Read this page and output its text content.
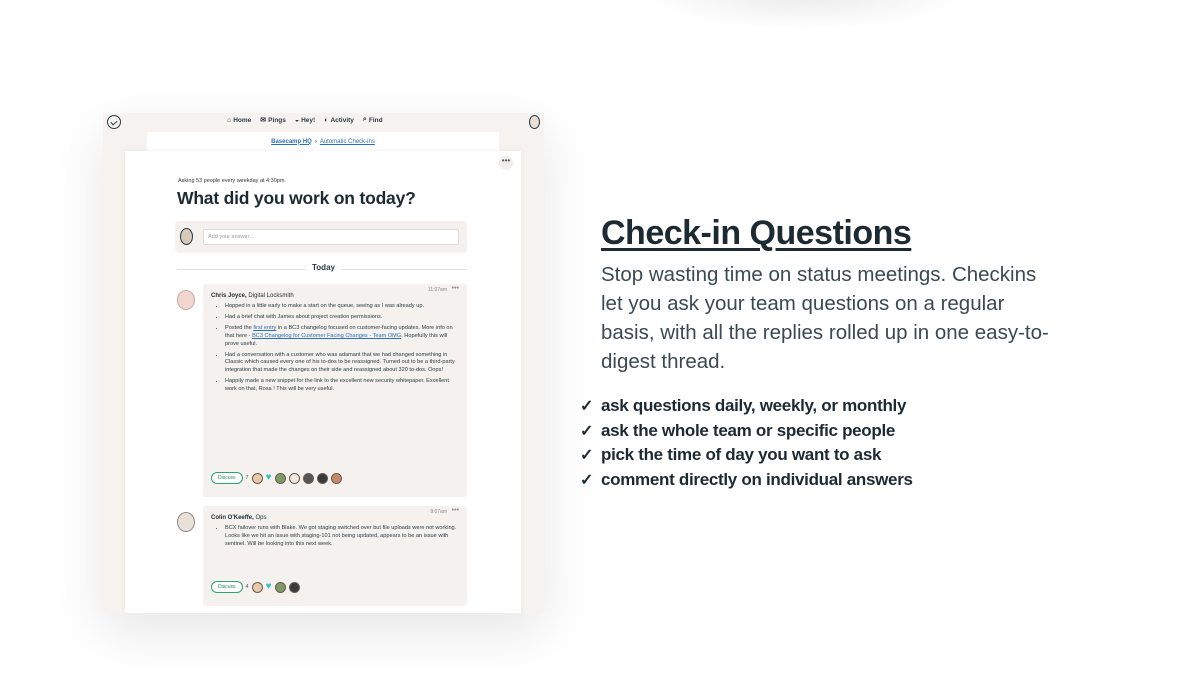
⌂ Home ✉ Pings ◒ Hey! ◐ Activity ⌕ Find
Basecamp HQ › Automatic Check-ins
•••
Asking 53 people every weekday at 4:30pm.
What did you work on today?
Add your answer…
Today
11:07am •••
Chris Joyce, Digital Locksmith
• Hopped in a little early to make a start on the queue, seeing as I was already up.
• Had a brief chat with James about project creation permissions.
• Posted the first entry in a BC3 changelog focused on customer-facing updates. More info on that here - BC3 Changelog for Customer Facing Changes - Team OMG. Hopefully this will prove useful.
• Had a conversation with a customer who was adamant that we had changed something in Classic which caused every one of his to-dos to be reassigned. Turned out to be a third-party integration that made the changes on their side and reassigned about 320 to-dos. Oops!
• Happily made a new snippet for the link to the excellent new security whitepaper. Excellent work on that, Rosa ! This will be very useful.
Discuss	7 ♥
9:07am •••
Colin O'Keeffe, Ops
• BCX failover runs with Blake. We got staging switched over but file uploads were not working. Looks like we hit an issue with staging-101 not being updated, appears to be an issue with sentinel. Will be looking into this next week.
Discuss	4 ♥
Check-in Questions
Stop wasting time on status meetings. Checkins let you ask your team questions on a regular basis, with all the replies rolled up in one easy-to-digest thread.
✓ ask questions daily, weekly, or monthly
✓ ask the whole team or specific people
✓ pick the time of day you want to ask
✓ comment directly on individual answers
